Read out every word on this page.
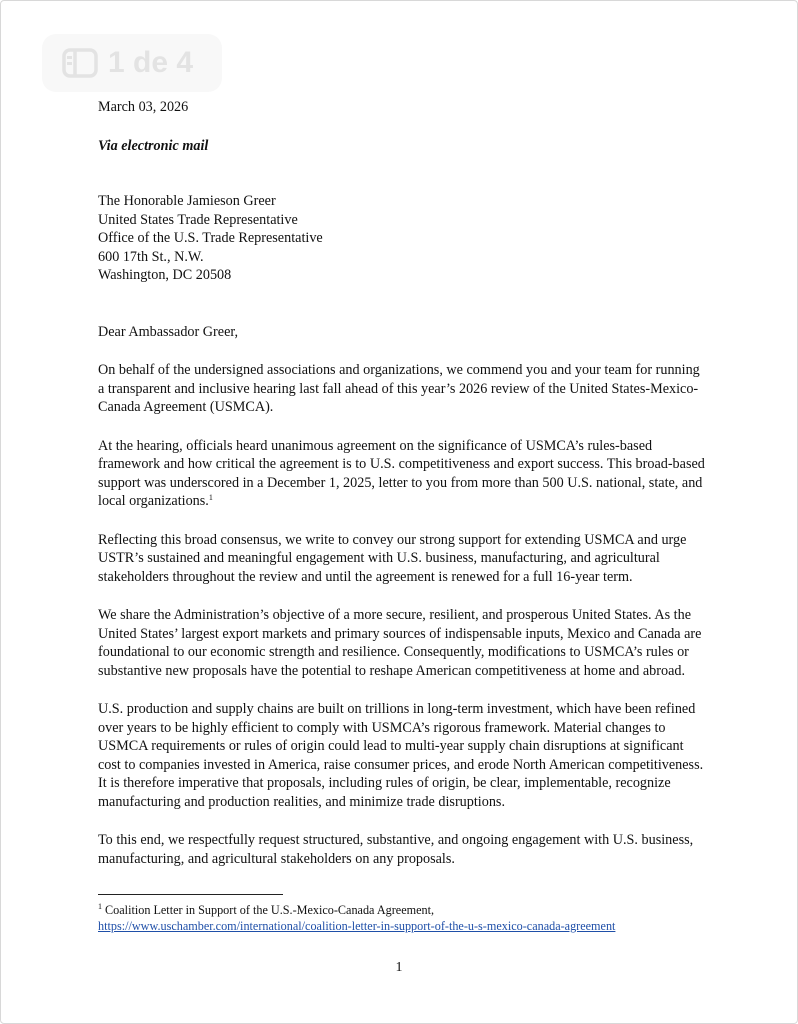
1 de 4

March 03, 2026

Via electronic mail

The Honorable Jamieson Greer
United States Trade Representative
Office of the U.S. Trade Representative
600 17th St., N.W.
Washington, DC 20508

Dear Ambassador Greer,

On behalf of the undersigned associations and organizations, we commend you and your team for running a transparent and inclusive hearing last fall ahead of this year’s 2026 review of the United States-Mexico-Canada Agreement (USMCA).

At the hearing, officials heard unanimous agreement on the significance of USMCA’s rules-based framework and how critical the agreement is to U.S. competitiveness and export success. This broad-based support was underscored in a December 1, 2025, letter to you from more than 500 U.S. national, state, and local organizations.$^1$

Reflecting this broad consensus, we write to convey our strong support for extending USMCA and urge USTR’s sustained and meaningful engagement with U.S. business, manufacturing, and agricultural stakeholders throughout the review and until the agreement is renewed for a full 16-year term.

We share the Administration’s objective of a more secure, resilient, and prosperous United States. As the United States’ largest export markets and primary sources of indispensable inputs, Mexico and Canada are foundational to our economic strength and resilience. Consequently, modifications to USMCA’s rules or substantive new proposals have the potential to reshape American competitiveness at home and abroad.

U.S. production and supply chains are built on trillions in long-term investment, which have been refined over years to be highly efficient to comply with USMCA’s rigorous framework. Material changes to USMCA requirements or rules of origin could lead to multi-year supply chain disruptions at significant cost to companies invested in America, raise consumer prices, and erode North American competitiveness. It is therefore imperative that proposals, including rules of origin, be clear, implementable, recognize manufacturing and production realities, and minimize trade disruptions.

To this end, we respectfully request structured, substantive, and ongoing engagement with U.S. business, manufacturing, and agricultural stakeholders on any proposals.

$^1$ Coalition Letter in Support of the U.S.-Mexico-Canada Agreement,
https://www.uschamber.com/international/coalition-letter-in-support-of-the-u-s-mexico-canada-agreement
1
